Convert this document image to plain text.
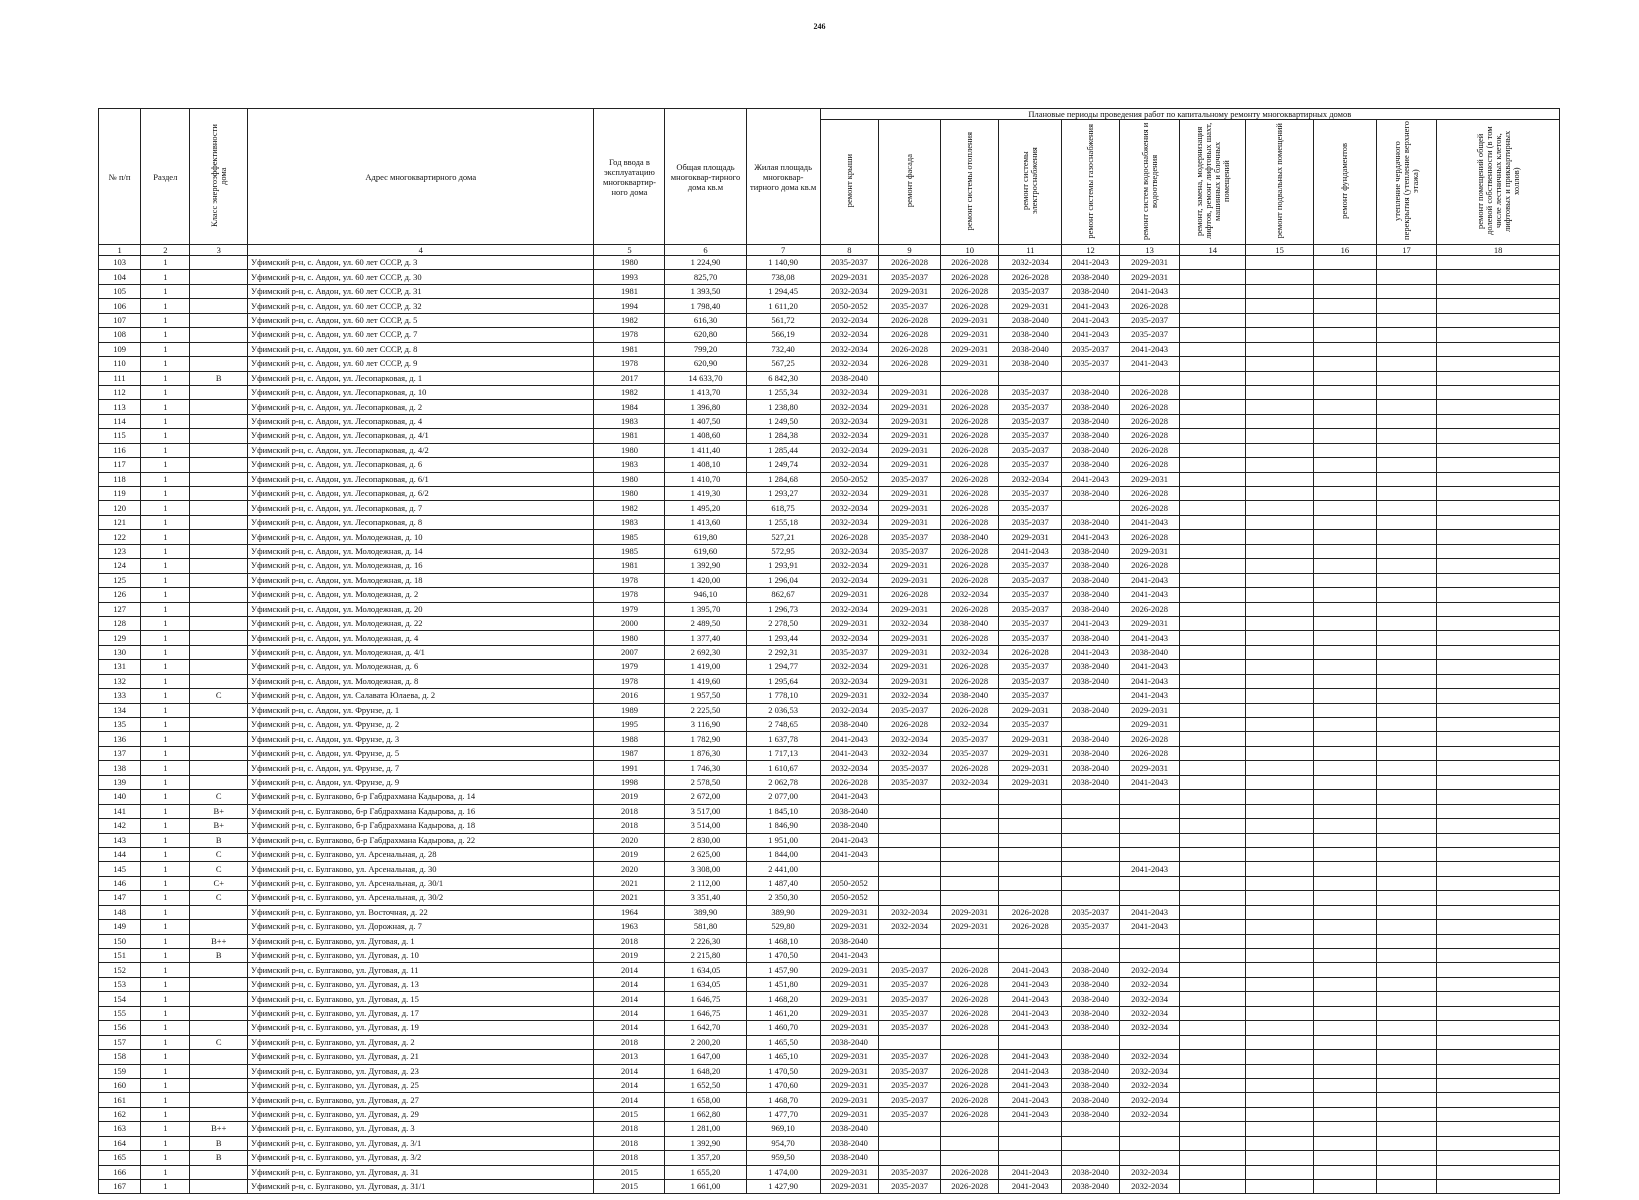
246
№ п/п	Раздел	Класс энергоэффективности дома	Адрес многоквартирного дома	Год ввода в эксплуатацию многоквартир-ного дома	Общая площадь многоквар-тирного дома кв.м	Жилая площадь многоквар-тирного дома кв.м	Плановые периоды проведения работ по капитальному ремонту многоквартирных домов										
							ремонт крыши	ремонт фасада	ремонт системы отопления	ремонт системы электроснабжения	ремонт системы газоснабжения	ремонт систем водоснабжения и водоотведения	ремонт, замена, модернизация лифтов, ремонт лифтовых шахт, машинных и блочных помещений	ремонт подвальных помещений	ремонт фундаментов	утепление чердачного перекрытия (утепление верхнего этажа)	ремонт помещений общей долевой собственности (в том числе лестничных клеток, лифтовых и приквартирных холлов)
1	2	3	4	5	6	7	8	9	10	11	12	13	14	15	16	17	18
103	1		Уфимский р-н, с. Авдон, ул. 60 лет СССР, д. 3	1980	1 224,90	1 140,90	2035-2037	2026-2028	2026-2028	2032-2034	2041-2043	2029-2031					
104	1		Уфимский р-н, с. Авдон, ул. 60 лет СССР, д. 30	1993	825,70	738,08	2029-2031	2035-2037	2026-2028	2026-2028	2038-2040	2029-2031					
105	1		Уфимский р-н, с. Авдон, ул. 60 лет СССР, д. 31	1981	1 393,50	1 294,45	2032-2034	2029-2031	2026-2028	2035-2037	2038-2040	2041-2043					
106	1		Уфимский р-н, с. Авдон, ул. 60 лет СССР, д. 32	1994	1 798,40	1 611,20	2050-2052	2035-2037	2026-2028	2029-2031	2041-2043	2026-2028					
107	1		Уфимский р-н, с. Авдон, ул. 60 лет СССР, д. 5	1982	616,30	561,72	2032-2034	2026-2028	2029-2031	2038-2040	2041-2043	2035-2037					
108	1		Уфимский р-н, с. Авдон, ул. 60 лет СССР, д. 7	1978	620,80	566,19	2032-2034	2026-2028	2029-2031	2038-2040	2041-2043	2035-2037					
109	1		Уфимский р-н, с. Авдон, ул. 60 лет СССР, д. 8	1981	799,20	732,40	2032-2034	2026-2028	2029-2031	2038-2040	2035-2037	2041-2043					
110	1		Уфимский р-н, с. Авдон, ул. 60 лет СССР, д. 9	1978	620,90	567,25	2032-2034	2026-2028	2029-2031	2038-2040	2035-2037	2041-2043					
111	1	B	Уфимский р-н, с. Авдон, ул. Лесопарковая, д. 1	2017	14 633,70	6 842,30	2038-2040										
112	1		Уфимский р-н, с. Авдон, ул. Лесопарковая, д. 10	1982	1 413,70	1 255,34	2032-2034	2029-2031	2026-2028	2035-2037	2038-2040	2026-2028					
113	1		Уфимский р-н, с. Авдон, ул. Лесопарковая, д. 2	1984	1 396,80	1 238,80	2032-2034	2029-2031	2026-2028	2035-2037	2038-2040	2026-2028					
114	1		Уфимский р-н, с. Авдон, ул. Лесопарковая, д. 4	1983	1 407,50	1 249,50	2032-2034	2029-2031	2026-2028	2035-2037	2038-2040	2026-2028					
115	1		Уфимский р-н, с. Авдон, ул. Лесопарковая, д. 4/1	1981	1 408,60	1 284,38	2032-2034	2029-2031	2026-2028	2035-2037	2038-2040	2026-2028					
116	1		Уфимский р-н, с. Авдон, ул. Лесопарковая, д. 4/2	1980	1 411,40	1 285,44	2032-2034	2029-2031	2026-2028	2035-2037	2038-2040	2026-2028					
117	1		Уфимский р-н, с. Авдон, ул. Лесопарковая, д. 6	1983	1 408,10	1 249,74	2032-2034	2029-2031	2026-2028	2035-2037	2038-2040	2026-2028					
118	1		Уфимский р-н, с. Авдон, ул. Лесопарковая, д. 6/1	1980	1 410,70	1 284,68	2050-2052	2035-2037	2026-2028	2032-2034	2041-2043	2029-2031					
119	1		Уфимский р-н, с. Авдон, ул. Лесопарковая, д. 6/2	1980	1 419,30	1 293,27	2032-2034	2029-2031	2026-2028	2035-2037	2038-2040	2026-2028					
120	1		Уфимский р-н, с. Авдон, ул. Лесопарковая, д. 7	1982	1 495,20	618,75	2032-2034	2029-2031	2026-2028	2035-2037		2026-2028					
121	1		Уфимский р-н, с. Авдон, ул. Лесопарковая, д. 8	1983	1 413,60	1 255,18	2032-2034	2029-2031	2026-2028	2035-2037	2038-2040	2041-2043					
122	1		Уфимский р-н, с. Авдон, ул. Молодежная, д. 10	1985	619,80	527,21	2026-2028	2035-2037	2038-2040	2029-2031	2041-2043	2026-2028					
123	1		Уфимский р-н, с. Авдон, ул. Молодежная, д. 14	1985	619,60	572,95	2032-2034	2035-2037	2026-2028	2041-2043	2038-2040	2029-2031					
124	1		Уфимский р-н, с. Авдон, ул. Молодежная, д. 16	1981	1 392,90	1 293,91	2032-2034	2029-2031	2026-2028	2035-2037	2038-2040	2026-2028					
125	1		Уфимский р-н, с. Авдон, ул. Молодежная, д. 18	1978	1 420,00	1 296,04	2032-2034	2029-2031	2026-2028	2035-2037	2038-2040	2041-2043					
126	1		Уфимский р-н, с. Авдон, ул. Молодежная, д. 2	1978	946,10	862,67	2029-2031	2026-2028	2032-2034	2035-2037	2038-2040	2041-2043					
127	1		Уфимский р-н, с. Авдон, ул. Молодежная, д. 20	1979	1 395,70	1 296,73	2032-2034	2029-2031	2026-2028	2035-2037	2038-2040	2026-2028					
128	1		Уфимский р-н, с. Авдон, ул. Молодежная, д. 22	2000	2 489,50	2 278,50	2029-2031	2032-2034	2038-2040	2035-2037	2041-2043	2029-2031					
129	1		Уфимский р-н, с. Авдон, ул. Молодежная, д. 4	1980	1 377,40	1 293,44	2032-2034	2029-2031	2026-2028	2035-2037	2038-2040	2041-2043					
130	1		Уфимский р-н, с. Авдон, ул. Молодежная, д. 4/1	2007	2 692,30	2 292,31	2035-2037	2029-2031	2032-2034	2026-2028	2041-2043	2038-2040					
131	1		Уфимский р-н, с. Авдон, ул. Молодежная, д. 6	1979	1 419,00	1 294,77	2032-2034	2029-2031	2026-2028	2035-2037	2038-2040	2041-2043					
132	1		Уфимский р-н, с. Авдон, ул. Молодежная, д. 8	1978	1 419,60	1 295,64	2032-2034	2029-2031	2026-2028	2035-2037	2038-2040	2041-2043					
133	1	C	Уфимский р-н, с. Авдон, ул. Салавата Юлаева, д. 2	2016	1 957,50	1 778,10	2029-2031	2032-2034	2038-2040	2035-2037		2041-2043					
134	1		Уфимский р-н, с. Авдон, ул. Фрунзе, д. 1	1989	2 225,50	2 036,53	2032-2034	2035-2037	2026-2028	2029-2031	2038-2040	2029-2031					
135	1		Уфимский р-н, с. Авдон, ул. Фрунзе, д. 2	1995	3 116,90	2 748,65	2038-2040	2026-2028	2032-2034	2035-2037		2029-2031					
136	1		Уфимский р-н, с. Авдон, ул. Фрунзе, д. 3	1988	1 782,90	1 637,78	2041-2043	2032-2034	2035-2037	2029-2031	2038-2040	2026-2028					
137	1		Уфимский р-н, с. Авдон, ул. Фрунзе, д. 5	1987	1 876,30	1 717,13	2041-2043	2032-2034	2035-2037	2029-2031	2038-2040	2026-2028					
138	1		Уфимский р-н, с. Авдон, ул. Фрунзе, д. 7	1991	1 746,30	1 610,67	2032-2034	2035-2037	2026-2028	2029-2031	2038-2040	2029-2031					
139	1		Уфимский р-н, с. Авдон, ул. Фрунзе, д. 9	1998	2 578,50	2 062,78	2026-2028	2035-2037	2032-2034	2029-2031	2038-2040	2041-2043					
140	1	C	Уфимский р-н, с. Булгаково, б-р Габдрахмана Кадырова, д. 14	2019	2 672,00	2 077,00	2041-2043										
141	1	B+	Уфимский р-н, с. Булгаково, б-р Габдрахмана Кадырова, д. 16	2018	3 517,00	1 845,10	2038-2040										
142	1	B+	Уфимский р-н, с. Булгаково, б-р Габдрахмана Кадырова, д. 18	2018	3 514,00	1 846,90	2038-2040										
143	1	B	Уфимский р-н, с. Булгаково, б-р Габдрахмана Кадырова, д. 22	2020	2 830,00	1 951,00	2041-2043										
144	1	C	Уфимский р-н, с. Булгаково, ул. Арсенальная, д. 28	2019	2 625,00	1 844,00	2041-2043										
145	1	C	Уфимский р-н, с. Булгаково, ул. Арсенальная, д. 30	2020	3 308,00	2 441,00						2041-2043					
146	1	C+	Уфимский р-н, с. Булгаково, ул. Арсенальная, д. 30/1	2021	2 112,00	1 487,40	2050-2052										
147	1	C	Уфимский р-н, с. Булгаково, ул. Арсенальная, д. 30/2	2021	3 351,40	2 350,30	2050-2052										
148	1		Уфимский р-н, с. Булгаково, ул. Восточная, д. 22	1964	389,90	389,90	2029-2031	2032-2034	2029-2031	2026-2028	2035-2037	2041-2043					
149	1		Уфимский р-н, с. Булгаково, ул. Дорожная, д. 7	1963	581,80	529,80	2029-2031	2032-2034	2029-2031	2026-2028	2035-2037	2041-2043					
150	1	B++	Уфимский р-н, с. Булгаково, ул. Дуговая, д. 1	2018	2 226,30	1 468,10	2038-2040										
151	1	B	Уфимский р-н, с. Булгаково, ул. Дуговая, д. 10	2019	2 215,80	1 470,50	2041-2043										
152	1		Уфимский р-н, с. Булгаково, ул. Дуговая, д. 11	2014	1 634,05	1 457,90	2029-2031	2035-2037	2026-2028	2041-2043	2038-2040	2032-2034					
153	1		Уфимский р-н, с. Булгаково, ул. Дуговая, д. 13	2014	1 634,05	1 451,80	2029-2031	2035-2037	2026-2028	2041-2043	2038-2040	2032-2034					
154	1		Уфимский р-н, с. Булгаково, ул. Дуговая, д. 15	2014	1 646,75	1 468,20	2029-2031	2035-2037	2026-2028	2041-2043	2038-2040	2032-2034					
155	1		Уфимский р-н, с. Булгаково, ул. Дуговая, д. 17	2014	1 646,75	1 461,20	2029-2031	2035-2037	2026-2028	2041-2043	2038-2040	2032-2034					
156	1		Уфимский р-н, с. Булгаково, ул. Дуговая, д. 19	2014	1 642,70	1 460,70	2029-2031	2035-2037	2026-2028	2041-2043	2038-2040	2032-2034					
157	1	C	Уфимский р-н, с. Булгаково, ул. Дуговая, д. 2	2018	2 200,20	1 465,50	2038-2040										
158	1		Уфимский р-н, с. Булгаково, ул. Дуговая, д. 21	2013	1 647,00	1 465,10	2029-2031	2035-2037	2026-2028	2041-2043	2038-2040	2032-2034					
159	1		Уфимский р-н, с. Булгаково, ул. Дуговая, д. 23	2014	1 648,20	1 470,50	2029-2031	2035-2037	2026-2028	2041-2043	2038-2040	2032-2034					
160	1		Уфимский р-н, с. Булгаково, ул. Дуговая, д. 25	2014	1 652,50	1 470,60	2029-2031	2035-2037	2026-2028	2041-2043	2038-2040	2032-2034					
161	1		Уфимский р-н, с. Булгаково, ул. Дуговая, д. 27	2014	1 658,00	1 468,70	2029-2031	2035-2037	2026-2028	2041-2043	2038-2040	2032-2034					
162	1		Уфимский р-н, с. Булгаково, ул. Дуговая, д. 29	2015	1 662,80	1 477,70	2029-2031	2035-2037	2026-2028	2041-2043	2038-2040	2032-2034					
163	1	B++	Уфимский р-н, с. Булгаково, ул. Дуговая, д. 3	2018	1 281,00	969,10	2038-2040										
164	1	B	Уфимский р-н, с. Булгаково, ул. Дуговая, д. 3/1	2018	1 392,90	954,70	2038-2040										
165	1	B	Уфимский р-н, с. Булгаково, ул. Дуговая, д. 3/2	2018	1 357,20	959,50	2038-2040										
166	1		Уфимский р-н, с. Булгаково, ул. Дуговая, д. 31	2015	1 655,20	1 474,00	2029-2031	2035-2037	2026-2028	2041-2043	2038-2040	2032-2034					
167	1		Уфимский р-н, с. Булгаково, ул. Дуговая, д. 31/1	2015	1 661,00	1 427,90	2029-2031	2035-2037	2026-2028	2041-2043	2038-2040	2032-2034					
